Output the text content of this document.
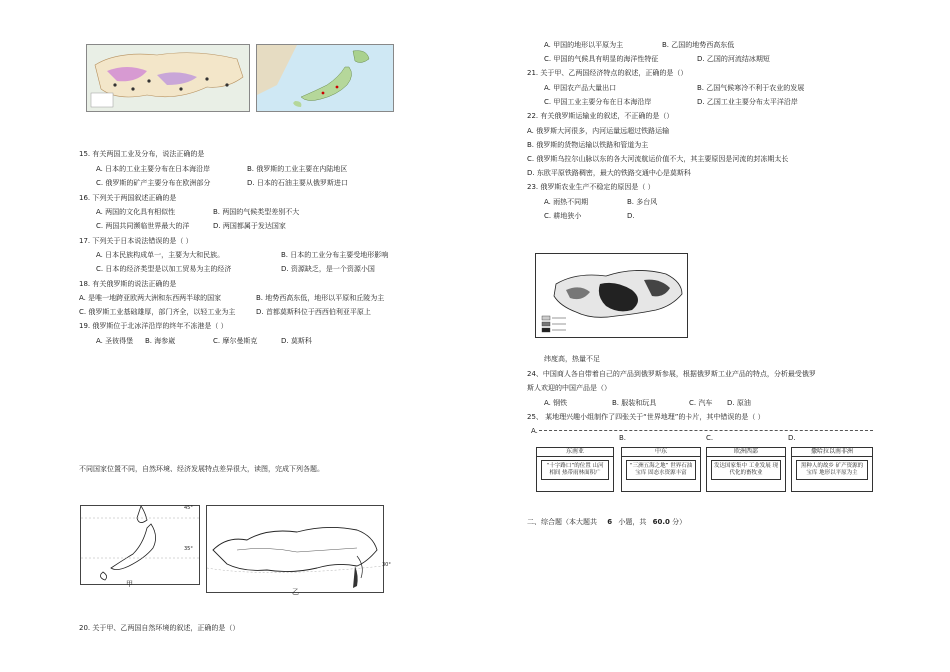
15. 有关两国工业及分布，说法正确的是
A. 日本的工业主要分布在日本海沿岸	B. 俄罗斯的工业主要在内陆地区
C. 俄罗斯的矿产主要分布在欧洲部分	D. 日本的石油主要从俄罗斯进口
16. 下列关于两国叙述正确的是
A. 两国的文化具有相似性	B. 两国的气候类型差别不大
C. 两国共同濒临世界最大的洋	D. 两国都属于发达国家
17. 下列关于日本说法错误的是（ ）
A. 日本民族构成单一，主要为大和民族。	B. 日本的工业分布主要受地形影响
C. 日本的经济类型是以加工贸易为主的经济	D. 资源缺乏，是一个资源小国
18. 有关俄罗斯的说法正确的是
A. 是唯一地跨亚欧两大洲和东西两半球的国家	B. 地势西高东低，地形以平原和丘陵为主
C. 俄罗斯工业基础雄厚，部门齐全，以轻工业为主	D. 首都莫斯科位于西西伯利亚平原上
19. 俄罗斯位于北冰洋沿岸的终年不冻港是（ ）
A. 圣彼得堡 B. 海参崴	C. 摩尔曼斯克	D. 莫斯科
不同国家位置不同，自然环境、经济发展特点差异很大，读图，完成下列各题。
45°
35°
甲
30°
乙
20. 关于甲、乙两国自然环境的叙述，正确的是（）
A. 甲国的地形以平原为主	B. 乙国的地势西高东低
C. 甲国的气候具有明显的海洋性特征	D. 乙国的河流结冰期短
21. 关于甲、乙两国经济特点的叙述，正确的是（）
A. 甲国农产品大量出口	B. 乙国气候寒冷不利于农业的发展
C. 甲国工业主要分布在日本海沿岸	D. 乙国工业主要分布太平洋沿岸
22. 有关俄罗斯运输业的叙述，不正确的是（）
A. 俄罗斯大河很多，内河运量远超过铁路运输
B. 俄罗斯的货物运输以铁路和管道为主
C. 俄罗斯乌拉尔山脉以东的各大河流航运价值不大，其主要原因是河流的封冻期太长
D. 东欧平原铁路稠密，最大的铁路交通中心是莫斯科
23. 俄罗斯农业生产不稳定的原因是（ ）
A. 雨热不同期	B. 多台风
C. 耕地狭小	D.
纬度高，热量不足
24、中国商人各自带着自己的产品到俄罗斯参展，根据俄罗斯工业产品的特点，分析最受俄罗
斯人欢迎的中国产品是（）
A. 钢铁	B. 服装和玩具	C. 汽车 D. 原油
25、 某地理兴趣小组制作了四张关于“世界地理”的卡片，其中错误的是（ ）
A.
B.	C.	D.
东南亚
“十字路口”的位置 山河相间 热带雨林面积广
中东
“三洲五海之地” 世界石油宝库 固态水资源丰富
欧洲西部
发达国家集中 工业发展 现代化的畜牧业
撒哈拉以南非洲
黑种人的故乡 矿产资源的宝库 地形以平原为主
二、综合题（本大题共 6 小题，共 60.0 分）
